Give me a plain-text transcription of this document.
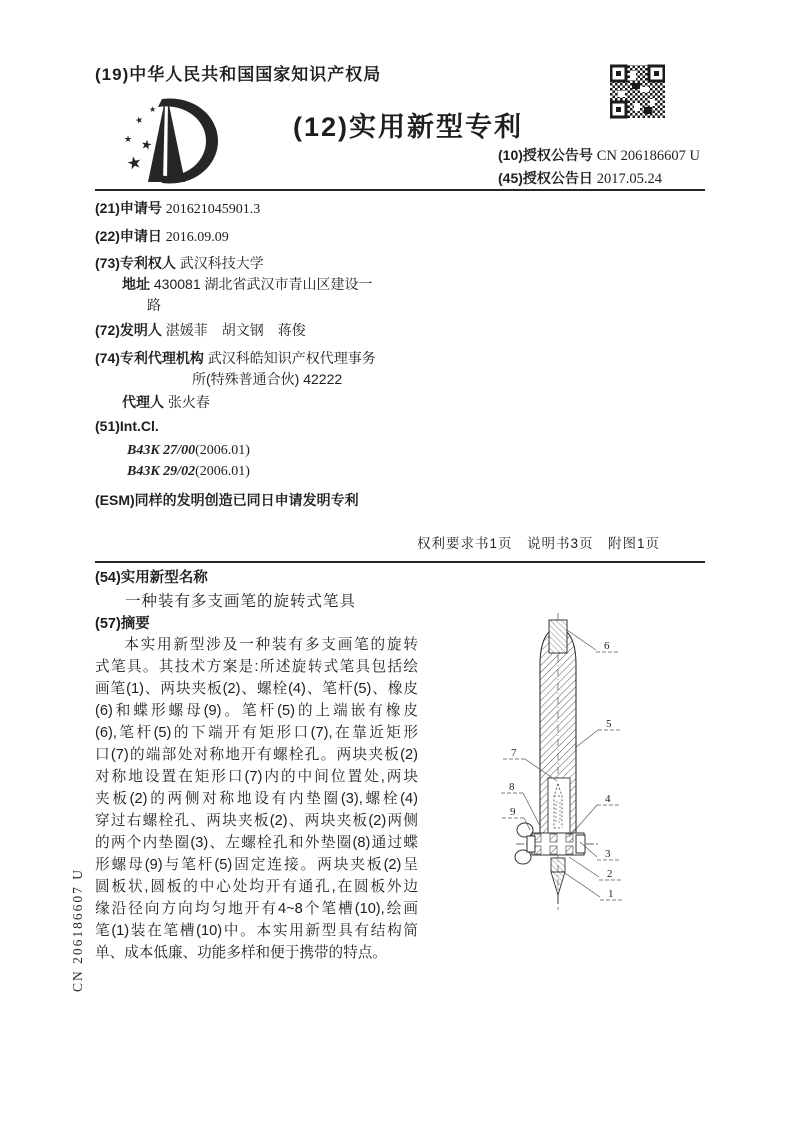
CN 206186607 U
(19)中华人民共和国国家知识产权局
★
★
★
★
★
(12)实用新型专利
(10)授权公告号 CN 206186607 U
(45)授权公告日 2017.05.24
(21)申请号 201621045901.3
(22)申请日 2016.09.09
(73)专利权人 武汉科技大学
地址 430081 湖北省武汉市青山区建设一
路
(72)发明人 湛媛菲　胡文钢　蒋俊
(74)专利代理机构 武汉科皓知识产权代理事务
所(特殊普通合伙) 42222
代理人 张火春
(51)Int.Cl.
B43K 27/00(2006.01)
B43K 29/02(2006.01)
(ESM)同样的发明创造已同日申请发明专利
权利要求书1页　说明书3页　附图1页
(54)实用新型名称
一种装有多支画笔的旋转式笔具
(57)摘要
本实用新型涉及一种装有多支画笔的旋转
式笔具。其技术方案是:所述旋转式笔具包括绘
画笔(1)、两块夹板(2)、螺栓(4)、笔杆(5)、橡皮
(6)和蝶形螺母(9)。笔杆(5)的上端嵌有橡皮
(6),笔杆(5)的下端开有矩形口(7),在靠近矩形
口(7)的端部处对称地开有螺栓孔。两块夹板(2)
对称地设置在矩形口(7)内的中间位置处,两块
夹板(2)的两侧对称地设有内垫圈(3),螺栓(4)
穿过右螺栓孔、两块夹板(2)、两块夹板(2)两侧
的两个内垫圈(3)、左螺栓孔和外垫圈(8)通过蝶
形螺母(9)与笔杆(5)固定连接。两块夹板(2)呈
圆板状,圆板的中心处均开有通孔,在圆板外边
缘沿径向方向均匀地开有4~8个笔槽(10),绘画
笔(1)装在笔槽(10)中。本实用新型具有结构简
单、成本低廉、功能多样和便于携带的特点。
6
5
7
8
9
4
3
2
1
